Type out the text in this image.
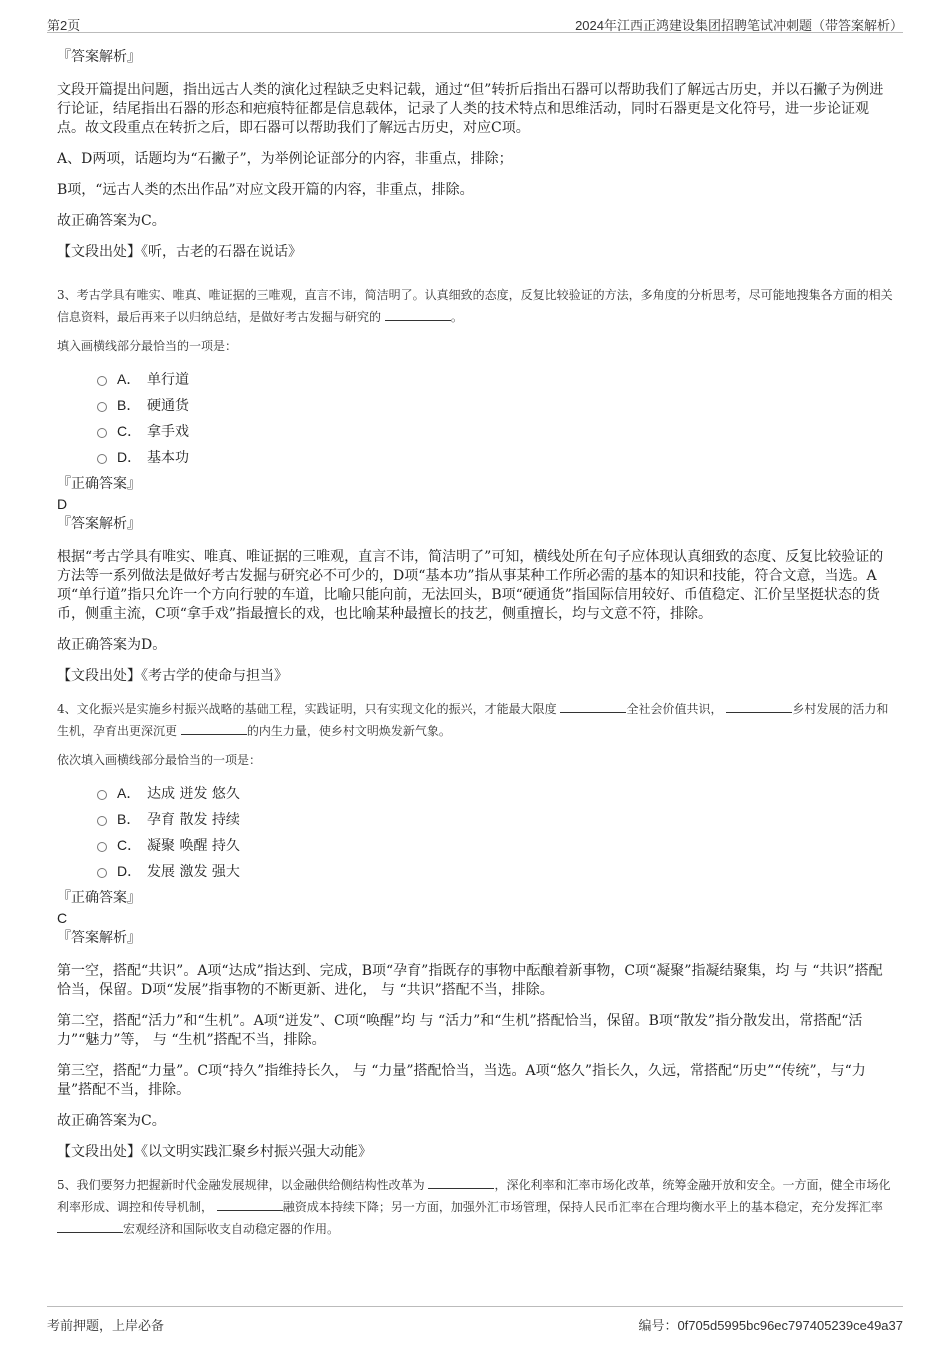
第2页	2024年江西正鸿建设集团招聘笔试冲刺题（带答案解析）

『答案解析』

文段开篇提出问题，指出远古人类的演化过程缺乏史料记载，通过“但”转折后指出石器可以帮助我们了解远古历史，并以石撇子为例进行论证，结尾指出石器的形态和疤痕特征都是信息载体，记录了人类的技术特点和思维活动，同时石器更是文化符号，进一步论证观点。故文段重点在转折之后，即石器可以帮助我们了解远古历史，对应C项。

A、D两项，话题均为“石撇子”，为举例论证部分的内容，非重点，排除；

B项，“远古人类的杰出作品”对应文段开篇的内容，非重点，排除。

故正确答案为C。

【文段出处】《听，古老的石器在说话》

3、考古学具有唯实、唯真、唯证据的三唯观，直言不讳，简洁明了。认真细致的态度，反复比较验证的方法，多角度的分析思考，尽可能地搜集各方面的相关信息资料，最后再来子以归纳总结，是做好考古发掘与研究的	。

填入画横线部分最恰当的一项是：

A． 单行道
B． 硬通货
C． 拿手戏
D． 基本功

『正确答案』

D

『答案解析』

根据“考古学具有唯实、唯真、唯证据的三唯观，直言不讳，简洁明了”可知，横线处所在句子应体现认真细致的态度、反复比较验证的方法等一系列做法是做好考古发掘与研究必不可少的，D项“基本功”指从事某种工作所必需的基本的知识和技能，符合文意，当选。A项“单行道”指只允许一个方向行驶的车道，比喻只能向前，无法回头，B项“硬通货”指国际信用较好、币值稳定、汇价呈坚挺状态的货币，侧重主流，C项“拿手戏”指最擅长的戏，也比喻某种最擅长的技艺，侧重擅长，均与文意不符，排除。

故正确答案为D。

【文段出处】《考古学的使命与担当》

4、文化振兴是实施乡村振兴战略的基础工程，实践证明，只有实现文化的振兴，才能最大限度	全社会价值共识，	乡村发展的活力和生机，孕育出更深沉更	的内生力量，使乡村文明焕发新气象。

依次填入画横线部分最恰当的一项是：

A． 达成 迸发 悠久
B． 孕育 散发 持续
C． 凝聚 唤醒 持久
D． 发展 激发 强大

『正确答案』

C

『答案解析』

第一空，搭配“共识”。A项“达成”指达到、完成，B项“孕育”指既存的事物中酝酿着新事物，C项“凝聚”指凝结聚集，均 与 “共识”搭配恰当，保留。D项“发展”指事物的不断更新、进化， 与 “共识”搭配不当，排除。

第二空，搭配“活力”和“生机”。A项“迸发”、C项“唤醒”均 与 “活力”和“生机”搭配恰当，保留。B项“散发”指分散发出，常搭配“活力”“魅力”等， 与 “生机”搭配不当，排除。

第三空，搭配“力量”。C项“持久”指维持长久， 与 “力量”搭配恰当，当选。A项“悠久”指长久，久远，常搭配“历史”“传统”，与“力量”搭配不当，排除。

故正确答案为C。

【文段出处】《以文明实践汇聚乡村振兴强大动能》

5、我们要努力把握新时代金融发展规律，以金融供给侧结构性改革为	，深化利率和汇率市场化改革，统筹金融开放和安全。一方面，健全市场化利率形成、调控和传导机制，	融资成本持续下降；另一方面，加强外汇市场管理，保持人民币汇率在合理均衡水平上的基本稳定，充分发挥汇率 宏观经济和国际收支自动稳定器的作用。

考前押题，上岸必备	编号：0f705d5995bc96ec797405239ce49a37
